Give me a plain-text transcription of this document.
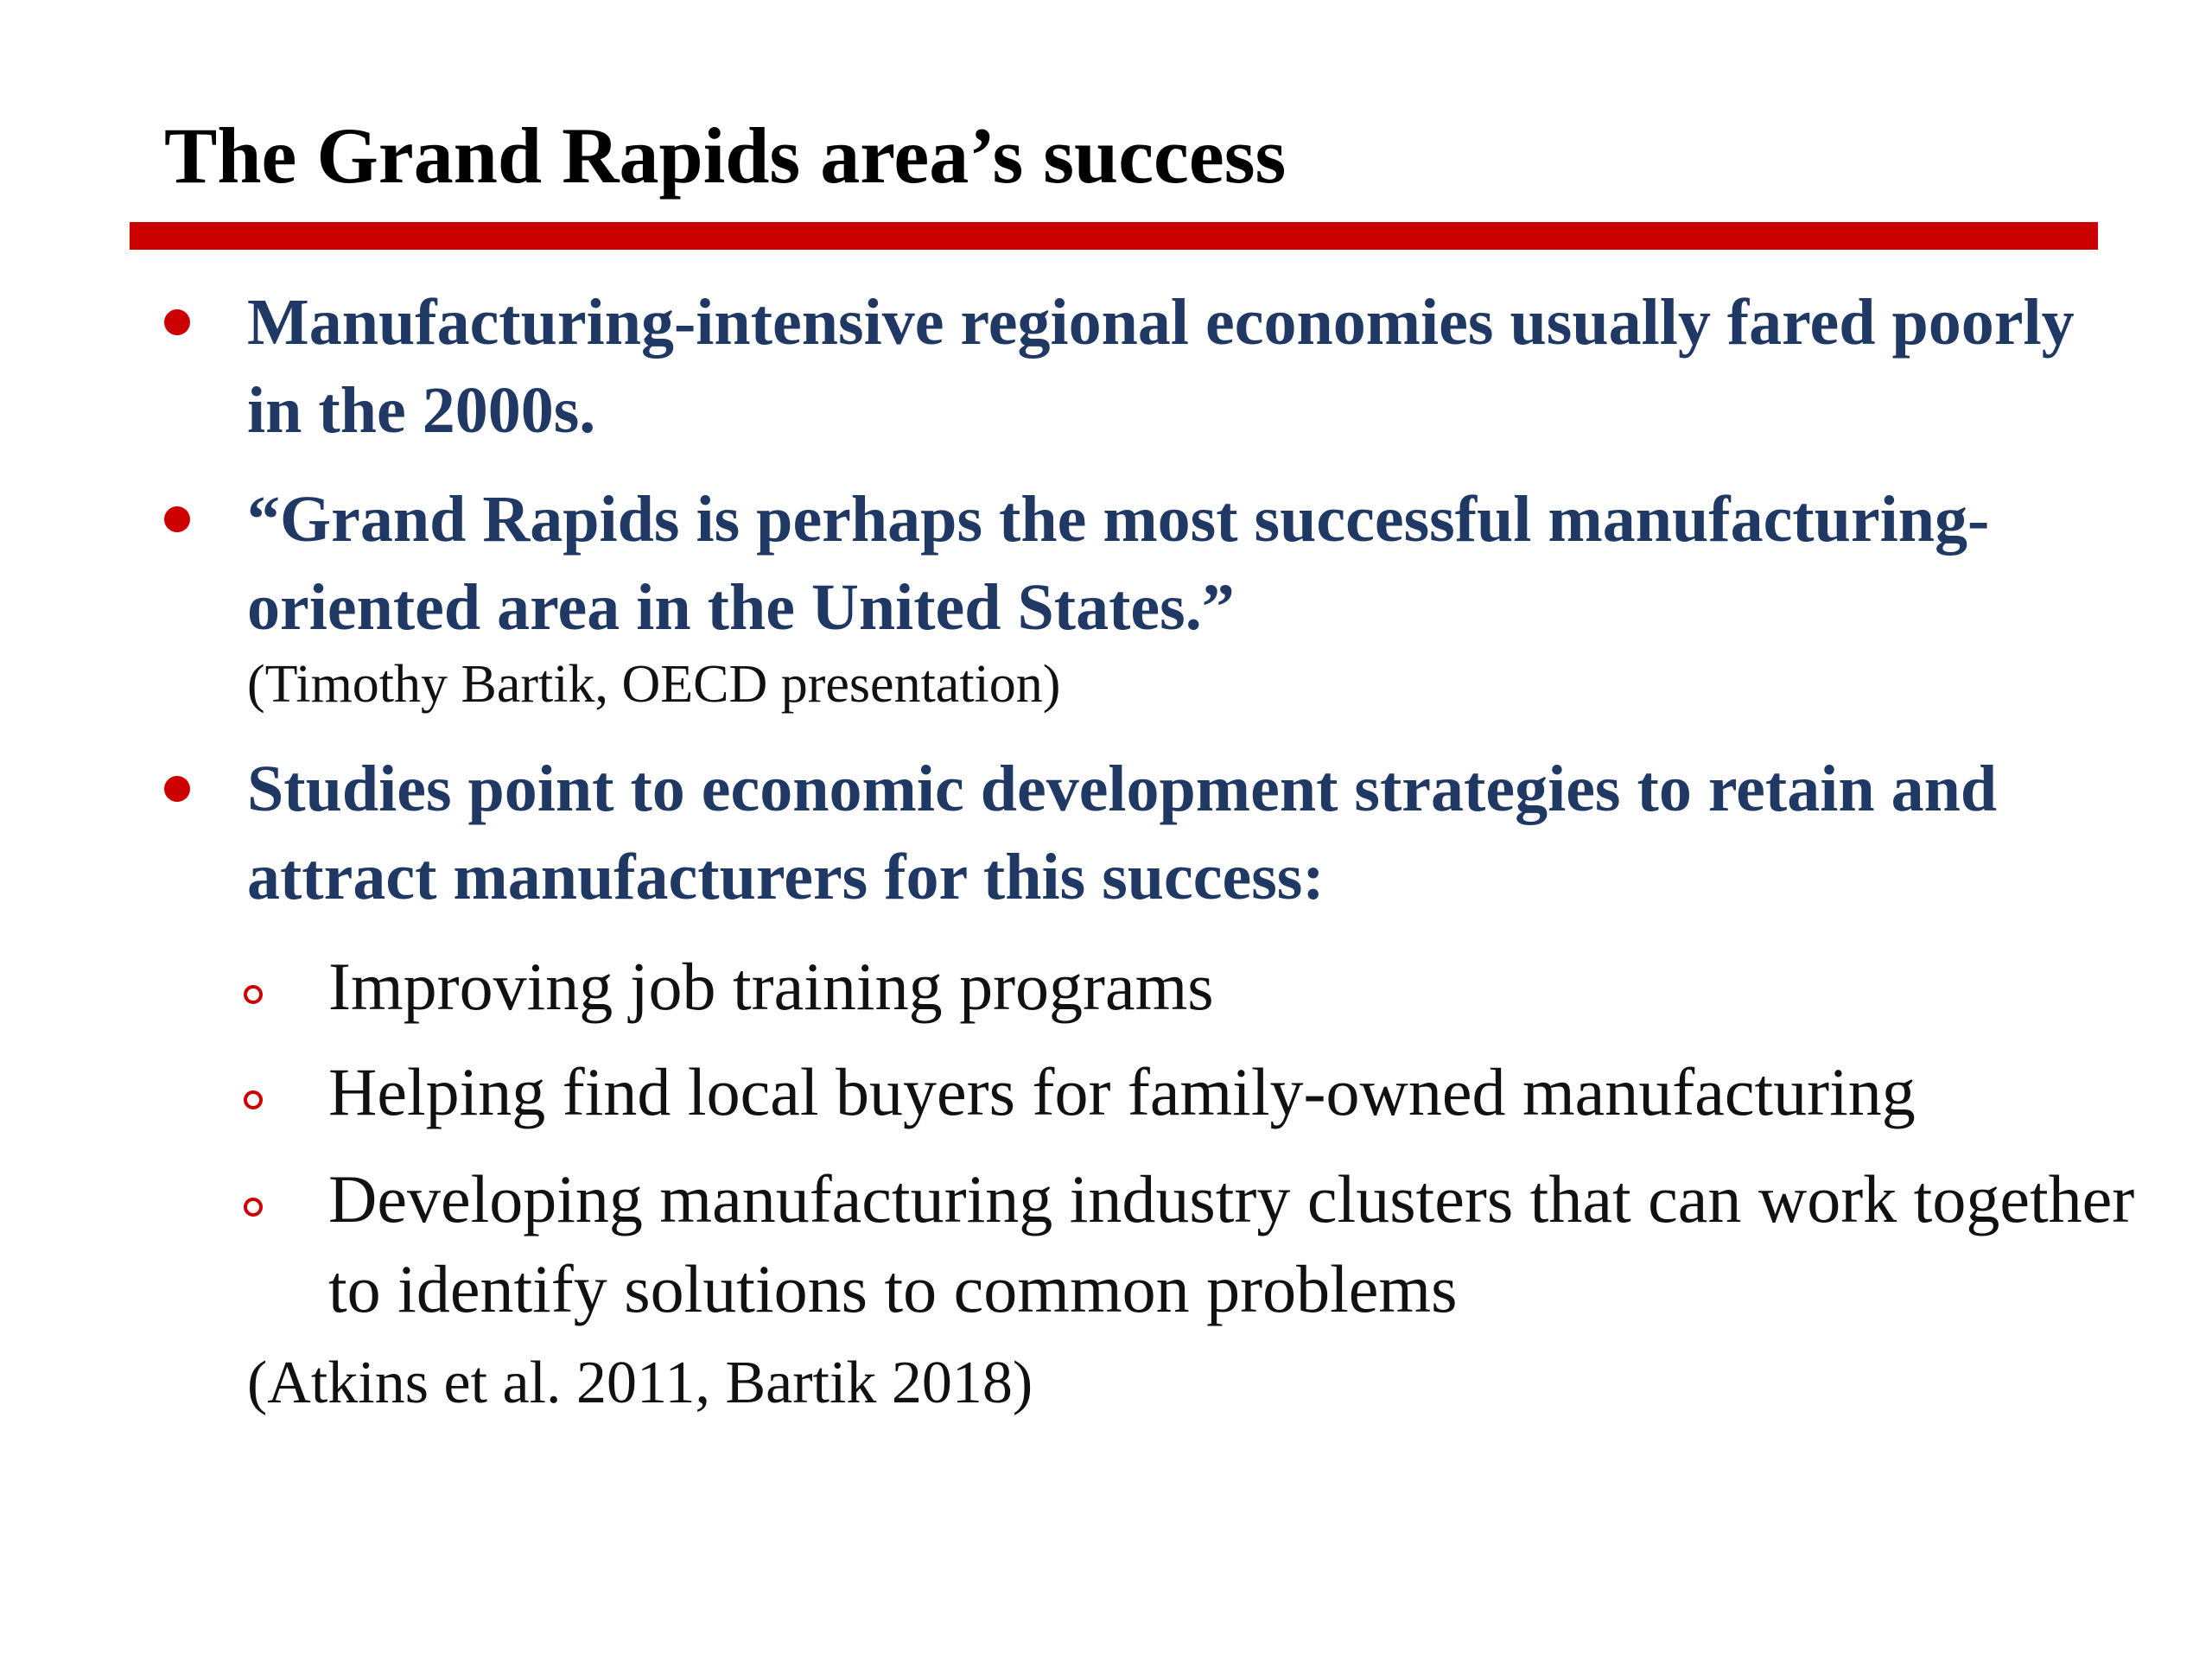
The Grand Rapids area’s success
Manufacturing-intensive regional economies usually fared poorly in the 2000s.
“Grand Rapids is perhaps the most successful manufacturing-oriented area in the United States.”
(Timothy Bartik, OECD presentation)
Studies point to economic development strategies to retain and attract manufacturers for this success:
Improving job training programs
Helping find local buyers for family-owned manufacturing
Developing manufacturing industry clusters that can work together to identify solutions to common problems
(Atkins et al. 2011, Bartik 2018)
